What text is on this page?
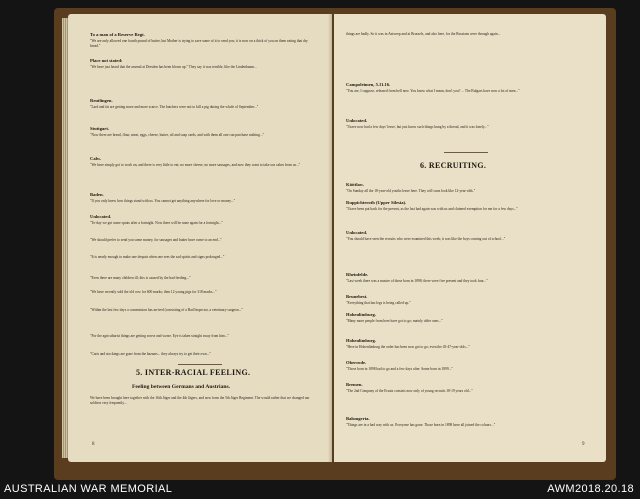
To a man of a Reserve Regt.
"We are only allowed one fourth pound of butter, but Mother is trying to save some of it to send you; it is now on a thick of you on them eating that dry bread."
Place not stated:
"We have just heard that the arsenal at Dresden has been blown up." They say it was terrible, like the Lindenbaum...
Reutlingen.
"Lard and fat are getting more and more scarce. The butchers were not to kill a pig during the whole of September..."
Stuttgart.
"Now there are bread, flour, meat, eggs, cheese, butter, oil and soap cards, and with them all one can purchase nothing..."
Calw.
"We have simply got to work on, and there is very little to eat; no more cheese, no more sausages, and now they want to take our cakes from us..."
Baden.
"If you only knew how things stand with us. You cannot get anything anywhere for love or money..."
Unlocated.
"To-day we got some sprats after a fortnight. Now there will be none again for a fortnight..."
"We should prefer to send you some money, for sausages and butter have come to an end..."
"It is nearly enough to make one despair when one sees the sad spirits and signs prolonged..."
"Even there are many children ill; this is caused by the bad feeding..."
"We have recently sold the old cow for 600 marks; then 12 young pigs for 318 marks..."
"Within the last few days a commission has arrived (consisting of a Bad Inspector, a veterinary surgeon..."
"For the agriculturist things are getting worse and worse. Eye is taken straight away from him..."
"Carts and stockings are gone from the bazaars... they always try to get their own..."
5. INTER-RACIAL FEELING.
Feeling between Germans and Austrians.
We have been brought here together with the 16th Jäger and the 4th Jägers, and now form the 5th Jäger Regiment. The would rather that we changed our soldiers very frequently...
8
things are badly. So it was in Antwerp and at Brussels, and also here, for the Russians were through again...
Campoleimen, 5.11.16.
"You are, I suppose, released from hell now. You know what I mean, don't you? ... The Bulgars have now a lot of men..."
Unlocated.
"I have now had a few days' leave, but just know such things hung by a thread, and it was lonely..."
6. RECRUITING.
Kiöttlaw.
"On Sunday all the 18-year-old youths leave here. They will soon look like 12-year-olds."
Ruppichteroth (Upper Silesia).
"I have been put back for the present, as the last bad again was with us and claimed exemption for me for a few days..."
Unlocated.
"You should have seen the recruits who were examined this week; it was like the boys coming out of school..."
Rheinfelde.
"Last week there was a muster of those born in 1898; there were five present and they took four..."
Brunebest.
"Everything that has legs is being called up."
Hohenlimburg.
"Many more people from here have got to go; mainly older ones..."
Hohenlimburg.
"Here in Hohenlimburg the order has been now got to go; even the 45-47-year-olds..."
Oberrode.
"Those born in 1898 had to go and a few days after. Some born in 1899..."
Bremen.
"The 2nd Company of the Ersatz consists now only of young recruits 18-19 years old..."
Balsmgerta.
"Things are in a bad way with us. Everyone has gone. Those born in 1898 have all joined the colours..."
9
AUSTRALIAN WAR MEMORIAL	AWM2018.20.18
